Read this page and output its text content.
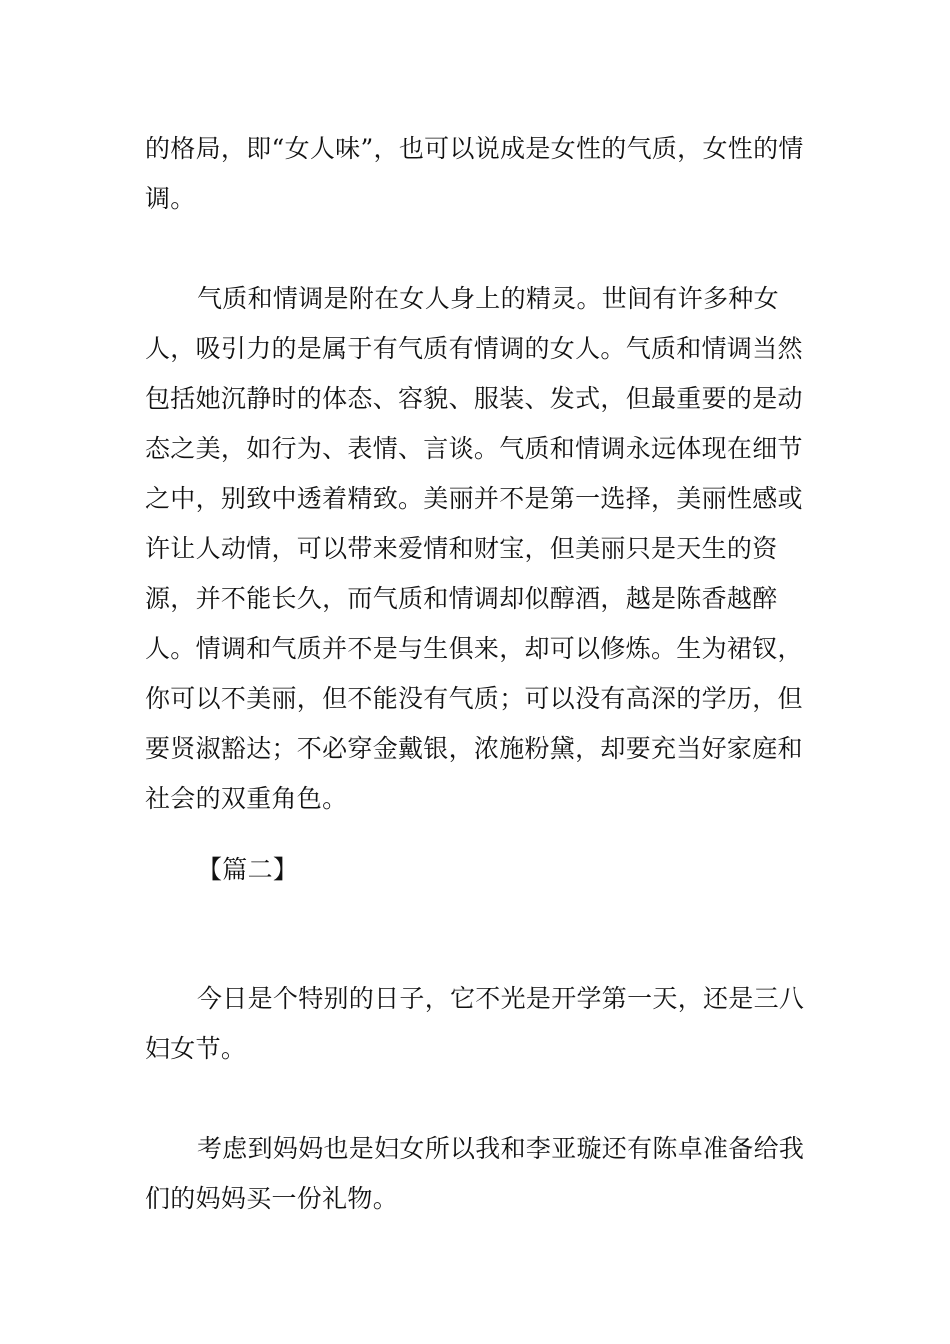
的格局，即“女人味”，也可以说成是女性的气质，女性的情调。

气质和情调是附在女人身上的精灵。世间有许多种女人，吸引力的是属于有气质有情调的女人。气质和情调当然包括她沉静时的体态、容貌、服装、发式，但最重要的是动态之美，如行为、表情、言谈。气质和情调永远体现在细节之中，别致中透着精致。美丽并不是第一选择，美丽性感或许让人动情，可以带来爱情和财宝，但美丽只是天生的资源，并不能长久，而气质和情调却似醇酒，越是陈香越醉人。情调和气质并不是与生俱来，却可以修炼。生为裙钗，你可以不美丽，但不能没有气质；可以没有高深的学历，但要贤淑豁达；不必穿金戴银，浓施粉黛，却要充当好家庭和社会的双重角色。

【篇二】

今日是个特别的日子，它不光是开学第一天，还是三八妇女节。

考虑到妈妈也是妇女所以我和李亚璇还有陈卓准备给我们的妈妈买一份礼物。
